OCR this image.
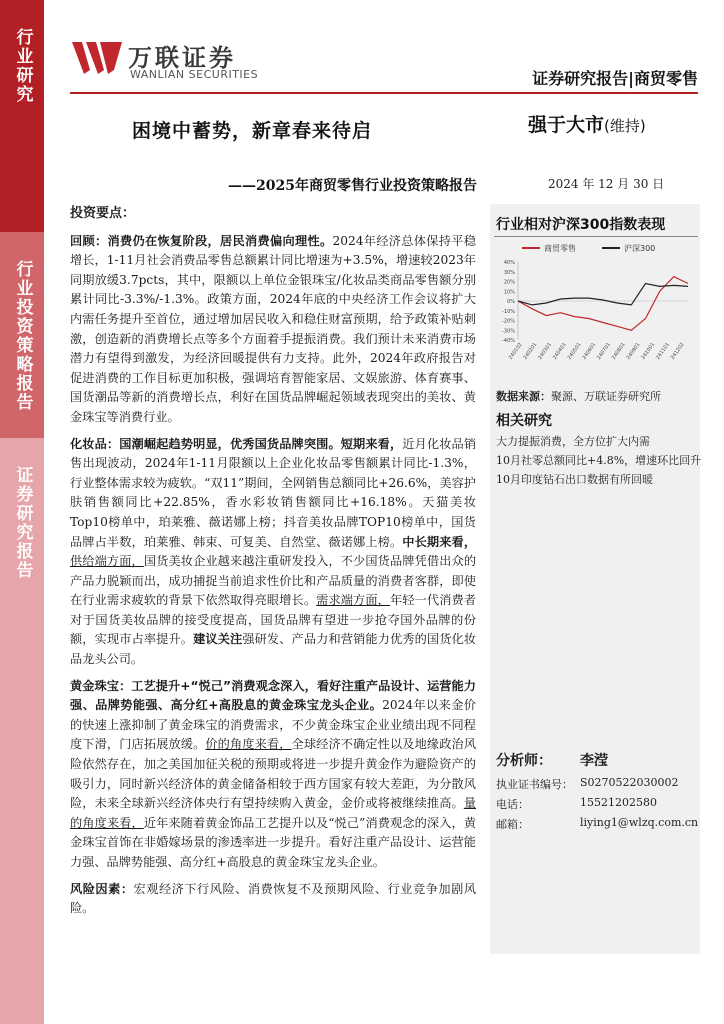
行业研究
行业投资策略报告
证券研究报告
万联证券
WANLIAN SECURITIES	证券研究报告|商贸零售
困境中蓄势，新章春来待启	强于大市(维持)
——2025年商贸零售行业投资策略报告	2024 年 12 月 30 日
投资要点：

回顾：消费仍在恢复阶段，居民消费偏向理性。2024年经济总体保持平稳增长，1-11月社会消费品零售总额累计同比增速为+3.5%，增速较2023年同期放缓3.7pcts，其中，限额以上单位金银珠宝/化妆品类商品零售额分别累计同比-3.3%/-1.3%。政策方面，2024年底的中央经济工作会议将扩大内需任务提升至首位，通过增加居民收入和稳住财富预期，给予政策补贴刺激，创造新的消费增长点等多个方面着手提振消费。我们预计未来消费市场潜力有望得到激发，为经济回暖提供有力支持。此外，2024年政府报告对促进消费的工作目标更加积极，强调培育智能家居、文娱旅游、体育赛事、国货潮品等新的消费增长点，利好在国货品牌崛起领域表现突出的美妆、黄金珠宝等消费行业。

化妆品：国潮崛起趋势明显，优秀国货品牌突围。短期来看，近月化妆品销售出现波动，2024年1-11月限额以上企业化妆品零售额累计同比-1.3%，行业整体需求较为疲软。“双11”期间，全网销售总额同比+26.6%，美容护肤销售额同比+22.85%，香水彩妆销售额同比+16.18%。天猫美妆Top10榜单中，珀莱雅、薇诺娜上榜；抖音美妆品牌TOP10榜单中，国货品牌占半数，珀莱雅、韩束、可复美、自然堂、薇诺娜上榜。中长期来看，供给端方面，国货美妆企业越来越注重研发投入，不少国货品牌凭借出众的产品力脱颖而出，成功捕捉当前追求性价比和产品质量的消费者客群，即使在行业需求疲软的背景下依然取得亮眼增长。需求端方面，年轻一代消费者对于国货美妆品牌的接受度提高，国货品牌有望进一步抢夺国外品牌的份额，实现市占率提升。建议关注强研发、产品力和营销能力优秀的国货化妆品龙头公司。

黄金珠宝：工艺提升+“悦己”消费观念深入，看好注重产品设计、运营能力强、品牌势能强、高分红+高股息的黄金珠宝龙头企业。2024年以来金价的快速上涨抑制了黄金珠宝的消费需求，不少黄金珠宝企业业绩出现不同程度下滑，门店拓展放缓。价的角度来看，全球经济不确定性以及地缘政治风险依然存在，加之美国加征关税的预期或将进一步提升黄金作为避险资产的吸引力，同时新兴经济体的黄金储备相较于西方国家有较大差距，为分散风险，未来全球新兴经济体央行有望持续购入黄金，金价或将被继续推高。量的角度来看，近年来随着黄金饰品工艺提升以及“悦己”消费观念的深入，黄金珠宝首饰在非婚嫁场景的渗透率进一步提升。看好注重产品设计、运营能力强、品牌势能强、高分红+高股息的黄金珠宝龙头企业。

风险因素：宏观经济下行风险、消费恢复不及预期风险、行业竞争加剧风险。

行业相对沪深300指数表现
商贸零售	沪深300
40%
30%
20%
10%
0%
-10%
-20%
-30%
-40%
240102
240201
240301
240401
240501
240601
240701
240801
240901
241001
241101
241202
数据来源：聚源、万联证券研究所
相关研究
大力提振消费，全方位扩大内需
10月社零总额同比+4.8%，增速环比回升
10月印度钻石出口数据有所回暖
分析师： 李滢
执业证书编号： S0270522030002
电话：	15521202580
邮箱：	liying1@wlzq.com.cn
